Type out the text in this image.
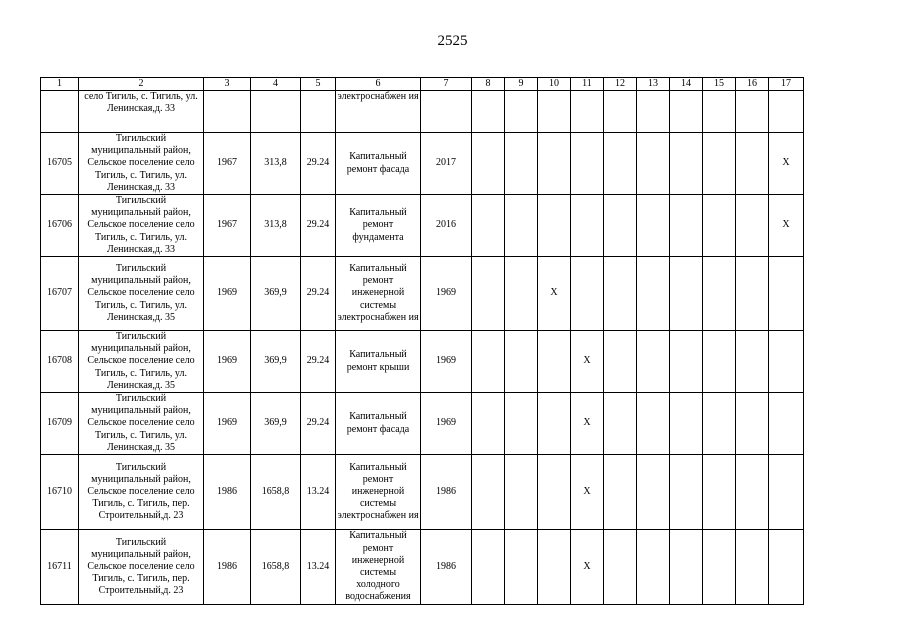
2525
1	2	3	4	5	6	7	8	9	10	11	12	13	14	15	16	17
	село Тигиль, с. Тигиль, ул. Ленинская,д. 33				электроснабжен ия											
16705	Тигильский муниципальный район, Сельское поселение село Тигиль, с. Тигиль, ул. Ленинская,д. 33	1967	313,8	29.24	Капитальный ремонт фасада	2017										X
16706	Тигильский муниципальный район, Сельское поселение село Тигиль, с. Тигиль, ул. Ленинская,д. 33	1967	313,8	29.24	Капитальный ремонт фундамента	2016										X
16707	Тигильский муниципальный район, Сельское поселение село Тигиль, с. Тигиль, ул. Ленинская,д. 35	1969	369,9	29.24	Капитальный ремонт инженерной системы электроснабжен ия	1969			X							
16708	Тигильский муниципальный район, Сельское поселение село Тигиль, с. Тигиль, ул. Ленинская,д. 35	1969	369,9	29.24	Капитальный ремонт крыши	1969				X						
16709	Тигильский муниципальный район, Сельское поселение село Тигиль, с. Тигиль, ул. Ленинская,д. 35	1969	369,9	29.24	Капитальный ремонт фасада	1969				X						
16710	Тигильский муниципальный район, Сельское поселение село Тигиль, с. Тигиль, пер. Строительный,д. 23	1986	1658,8	13.24	Капитальный ремонт инженерной системы электроснабжен ия	1986				X						
16711	Тигильский муниципальный район, Сельское поселение село Тигиль, с. Тигиль, пер. Строительный,д. 23	1986	1658,8	13.24	Капитальный ремонт инженерной системы холодного водоснабжения	1986				X						
